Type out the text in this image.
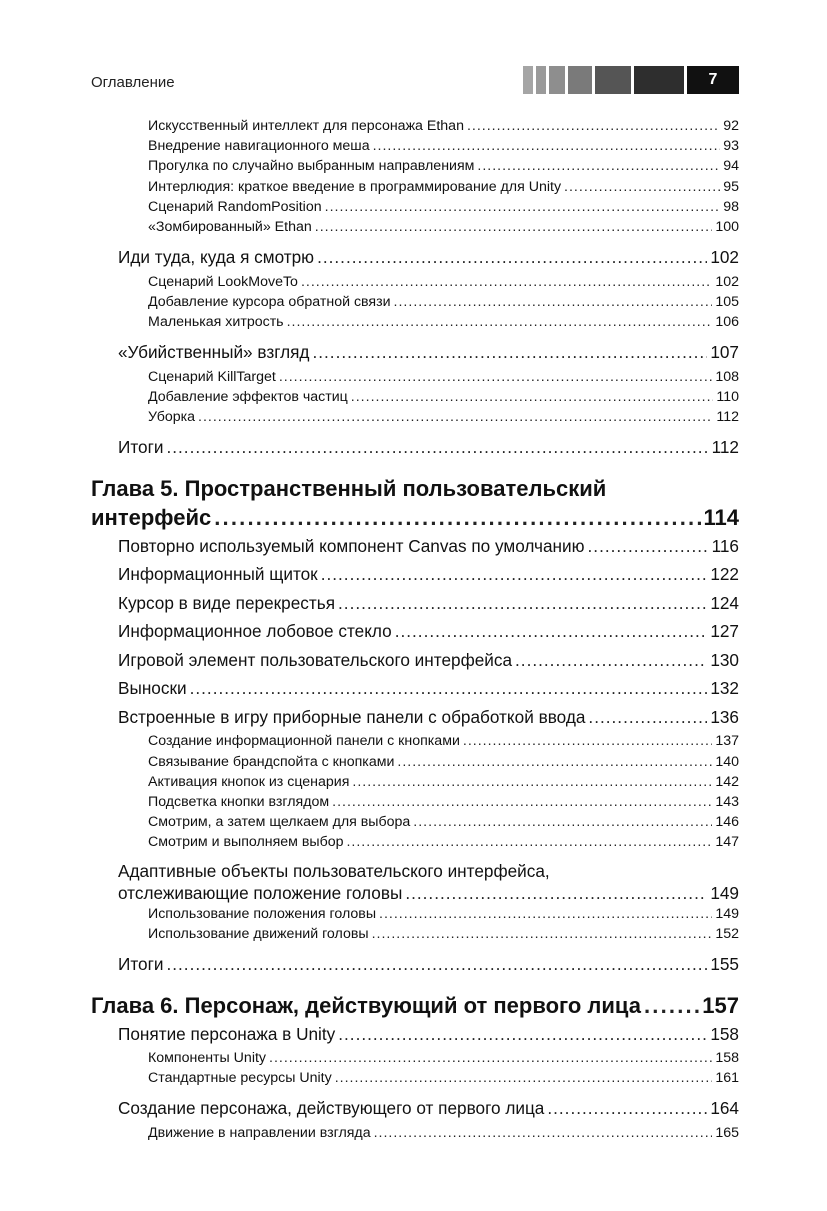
Оглавление	7
Искусственный интеллект для персонажа Ethan .....	92
Внедрение навигационного меша .....	93
Прогулка по случайно выбранным направлениям .....	94
Интерлюдия: краткое введение в программирование для Unity .....	95
Сценарий RandomPosition .....	98
«Зомбированный» Ethan .....	100
Иди туда, куда я смотрю .....	102
Сценарий LookMoveTo .....	102
Добавление курсора обратной связи .....	105
Маленькая хитрость .....	106
«Убийственный» взгляд .....	107
Сценарий KillTarget .....	108
Добавление эффектов частиц .....	110
Уборка .....	112
Итоги .....	112
Глава 5. Пространственный пользовательский
интерфейс .....	114
Повторно используемый компонент Canvas по умолчанию .....	116
Информационный щиток .....	122
Курсор в виде перекрестья .....	124
Информационное лобовое стекло .....	127
Игровой элемент пользовательского интерфейса .....	130
Выноски .....	132
Встроенные в игру приборные панели с обработкой ввода .....	136
Создание информационной панели с кнопками .....	137
Связывание брандспойта с кнопками .....	140
Активация кнопок из сценария .....	142
Подсветка кнопки взглядом .....	143
Смотрим, а затем щелкаем для выбора .....	146
Смотрим и выполняем выбор .....	147
Адаптивные объекты пользовательского интерфейса,
отслеживающие положение головы .....	149
Использование положения головы .....	149
Использование движений головы .....	152
Итоги .....	155
Глава 6. Персонаж, действующий от первого лица .....	157
Понятие персонажа в Unity .....	158
Компоненты Unity .....	158
Стандартные ресурсы Unity .....	161
Создание персонажа, действующего от первого лица .....	164
Движение в направлении взгляда .....	165
